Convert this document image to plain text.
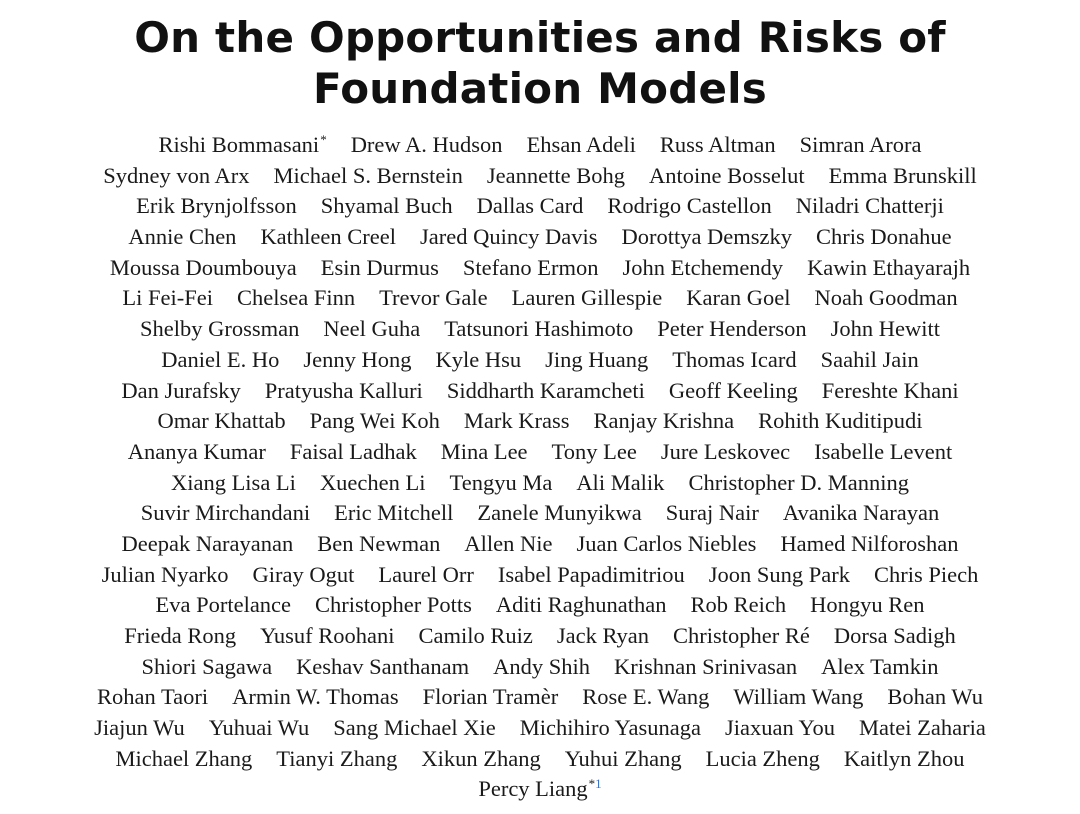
On the Opportunities and Risks of
Foundation Models
Rishi Bommasani* Drew A. Hudson Ehsan Adeli Russ Altman Simran Arora
Sydney von Arx Michael S. Bernstein Jeannette Bohg Antoine Bosselut Emma Brunskill
Erik Brynjolfsson Shyamal Buch Dallas Card Rodrigo Castellon Niladri Chatterji
Annie Chen Kathleen Creel Jared Quincy Davis Dorottya Demszky Chris Donahue
Moussa Doumbouya Esin Durmus Stefano Ermon John Etchemendy Kawin Ethayarajh
Li Fei-Fei Chelsea Finn Trevor Gale Lauren Gillespie Karan Goel Noah Goodman
Shelby Grossman Neel Guha Tatsunori Hashimoto Peter Henderson John Hewitt
Daniel E. Ho Jenny Hong Kyle Hsu Jing Huang Thomas Icard Saahil Jain
Dan Jurafsky Pratyusha Kalluri Siddharth Karamcheti Geoff Keeling Fereshte Khani
Omar Khattab Pang Wei Koh Mark Krass Ranjay Krishna Rohith Kuditipudi
Ananya Kumar Faisal Ladhak Mina Lee Tony Lee Jure Leskovec Isabelle Levent
Xiang Lisa Li Xuechen Li Tengyu Ma Ali Malik Christopher D. Manning
Suvir Mirchandani Eric Mitchell Zanele Munyikwa Suraj Nair Avanika Narayan
Deepak Narayanan Ben Newman Allen Nie Juan Carlos Niebles Hamed Nilforoshan
Julian Nyarko Giray Ogut Laurel Orr Isabel Papadimitriou Joon Sung Park Chris Piech
Eva Portelance Christopher Potts Aditi Raghunathan Rob Reich Hongyu Ren
Frieda Rong Yusuf Roohani Camilo Ruiz Jack Ryan Christopher Ré Dorsa Sadigh
Shiori Sagawa Keshav Santhanam Andy Shih Krishnan Srinivasan Alex Tamkin
Rohan Taori Armin W. Thomas Florian Tramèr Rose E. Wang William Wang Bohan Wu
Jiajun Wu Yuhuai Wu Sang Michael Xie Michihiro Yasunaga Jiaxuan You Matei Zaharia
Michael Zhang Tianyi Zhang Xikun Zhang Yuhui Zhang Lucia Zheng Kaitlyn Zhou
Percy Liang$^{*1}$
